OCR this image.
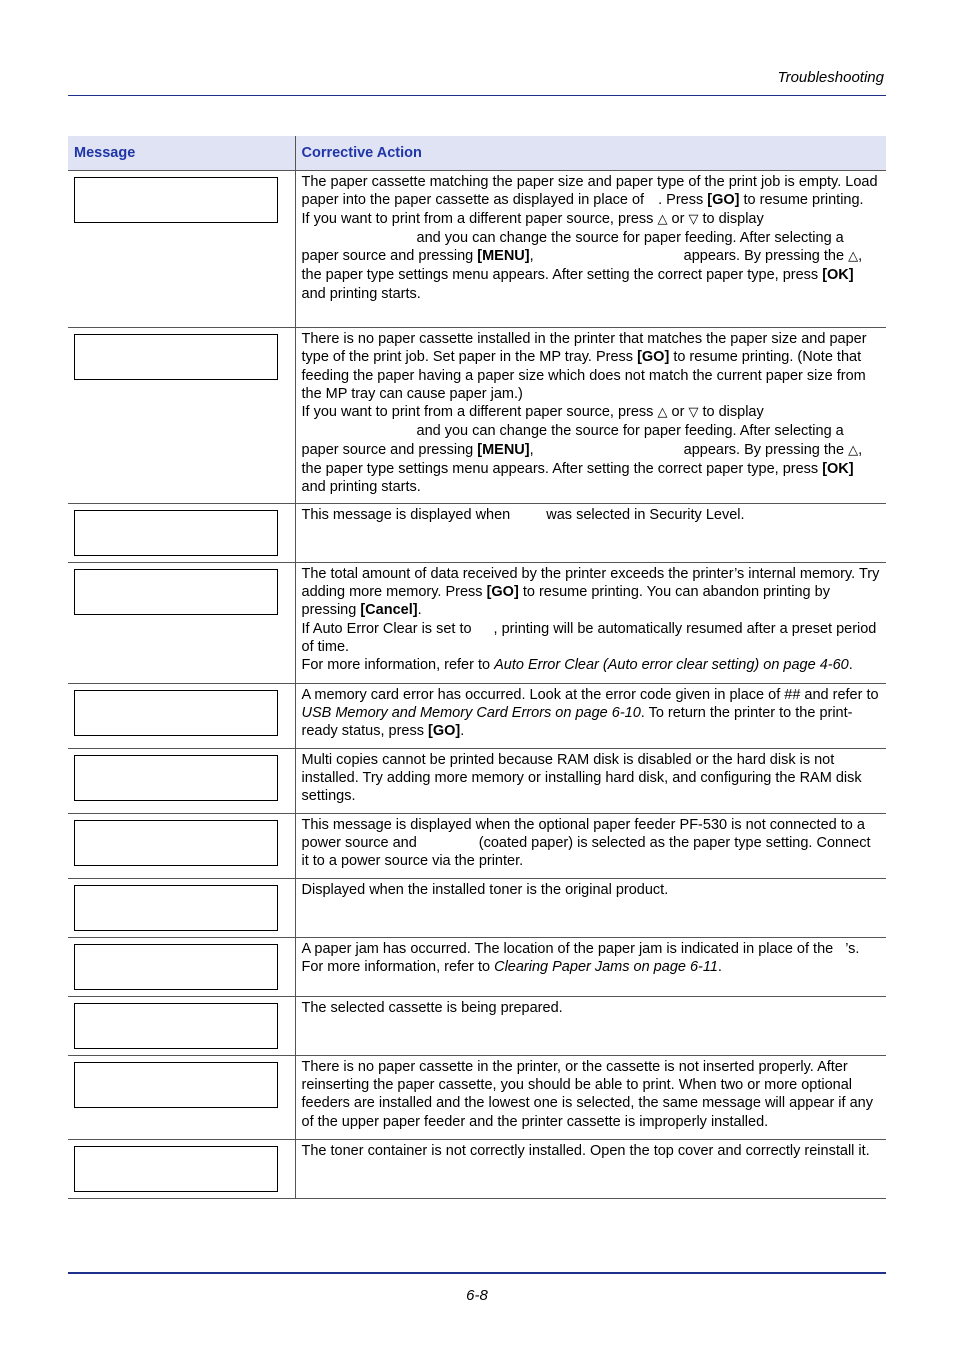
Troubleshooting
Message	Corrective Action

	The paper cassette matching the paper size and paper type of the print job is empty. Load paper into the paper cassette as displayed in place of . Press [GO] to resume printing.

If you want to print from a different paper source, press △ or ▽ to display
and you can change the source for paper feeding. After selecting a paper source and pressing [MENU], appears. By pressing the △, the paper type settings menu appears. After setting the correct paper type, press [OK] and printing starts.

	There is no paper cassette installed in the printer that matches the paper size and paper type of the print job. Set paper in the MP tray. Press [GO] to resume printing. (Note that feeding the paper having a paper size which does not match the current paper size from the MP tray can cause paper jam.)

If you want to print from a different paper source, press △ or ▽ to display
and you can change the source for paper feeding. After selecting a paper source and pressing [MENU], appears. By pressing the △, the paper type settings menu appears. After setting the correct paper type, press [OK] and printing starts.

	This message is displayed when was selected in Security Level.

	The total amount of data received by the printer exceeds the printer’s internal memory. Try adding more memory. Press [GO] to resume printing. You can abandon printing by pressing [Cancel].

If Auto Error Clear is set to , printing will be automatically resumed after a preset period of time.

For more information, refer to Auto Error Clear (Auto error clear setting) on page 4-60.

	A memory card error has occurred. Look at the error code given in place of ## and refer to USB Memory and Memory Card Errors on page 6-10. To return the printer to the print-ready status, press [GO].

	Multi copies cannot be printed because RAM disk is disabled or the hard disk is not installed. Try adding more memory or installing hard disk, and configuring the RAM disk settings.

	This message is displayed when the optional paper feeder PF-530 is not connected to a power source and (coated paper) is selected as the paper type setting. Connect it to a power source via the printer.

	Displayed when the installed toner is the original product.

	A paper jam has occurred. The location of the paper jam is indicated in place of the ’s.

For more information, refer to Clearing Paper Jams on page 6-11.

	The selected cassette is being prepared.

	There is no paper cassette in the printer, or the cassette is not inserted properly. After reinserting the paper cassette, you should be able to print. When two or more optional feeders are installed and the lowest one is selected, the same message will appear if any of the upper paper feeder and the printer cassette is improperly installed.

	The toner container is not correctly installed. Open the top cover and correctly reinstall it.

6-8
